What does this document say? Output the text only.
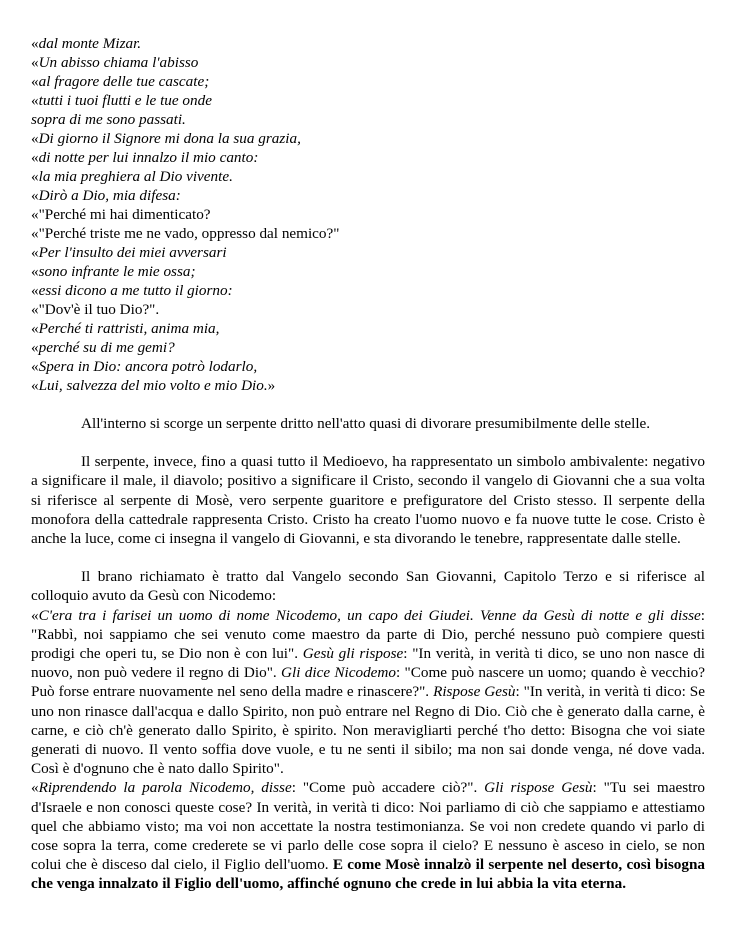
«dal monte Mizar.
«Un abisso chiama l'abisso
«al fragore delle tue cascate;
«tutti i tuoi flutti e le tue onde
sopra di me sono passati.
«Di giorno il Signore mi dona la sua grazia,
«di notte per lui innalzo il mio canto:
«la mia preghiera al Dio vivente.
«Dirò a Dio, mia difesa:
«"Perché mi hai dimenticato?
«"Perché triste me ne vado, oppresso dal nemico?"
«Per l'insulto dei miei avversari
«sono infrante le mie ossa;
«essi dicono a me tutto il giorno:
«"Dov'è il tuo Dio?".
«Perché ti rattristi, anima mia,
«perché su di me gemi?
«Spera in Dio: ancora potrò lodarlo,
«Lui, salvezza del mio volto e mio Dio.»

All'interno si scorge un serpente dritto nell'atto quasi di divorare presumibilmente delle stelle.

Il serpente, invece, fino a quasi tutto il Medioevo, ha rappresentato un simbolo ambivalente: negativo a significare il male, il diavolo; positivo a significare il Cristo, secondo il vangelo di Giovanni che a sua volta si riferisce al serpente di Mosè, vero serpente guaritore e prefiguratore del Cristo stesso. Il serpente della monofora della cattedrale rappresenta Cristo. Cristo ha creato l'uomo nuovo e fa nuove tutte le cose. Cristo è anche la luce, come ci insegna il vangelo di Giovanni, e sta divorando le tenebre, rappresentate dalle stelle.

Il brano richiamato è tratto dal Vangelo secondo San Giovanni, Capitolo Terzo e si riferisce al colloquio avuto da Gesù con Nicodemo:

«C'era tra i farisei un uomo di nome Nicodemo, un capo dei Giudei. Venne da Gesù di notte e gli disse: "Rabbì, noi sappiamo che sei venuto come maestro da parte di Dio, perché nessuno può compiere questi prodigi che operi tu, se Dio non è con lui". Gesù gli rispose: "In verità, in verità ti dico, se uno non nasce di nuovo, non può vedere il regno di Dio". Gli dice Nicodemo: "Come può nascere un uomo; quando è vecchio? Può forse entrare nuovamente nel seno della madre e rinascere?". Rispose Gesù: "In verità, in verità ti dico: Se uno non rinasce dall'acqua e dallo Spirito, non può entrare nel Regno di Dio. Ciò che è generato dalla carne, è carne, e ciò ch'è generato dallo Spirito, è spirito. Non meravigliarti perché t'ho detto: Bisogna che voi siate generati di nuovo. Il vento soffia dove vuole, e tu ne senti il sibilo; ma non sai donde venga, né dove vada. Così è d'ognuno che è nato dallo Spirito".

«Riprendendo la parola Nicodemo, disse: "Come può accadere ciò?". Gli rispose Gesù: "Tu sei maestro d'Israele e non conosci queste cose? In verità, in verità ti dico: Noi parliamo di ciò che sappiamo e attestiamo quel che abbiamo visto; ma voi non accettate la nostra testimonianza. Se voi non credete quando vi parlo di cose sopra la terra, come crederete se vi parlo delle cose sopra il cielo? E nessuno è asceso in cielo, se non colui che è disceso dal cielo, il Figlio dell'uomo. E come Mosè innalzò il serpente nel deserto, così bisogna che venga innalzato il Figlio dell'uomo, affinché ognuno che crede in lui abbia la vita eterna.
